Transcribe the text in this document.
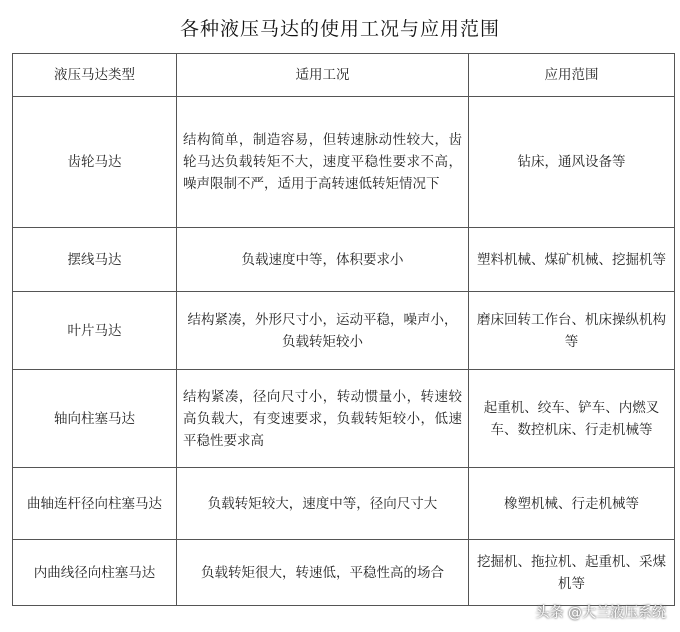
各种液压马达的使用工况与应用范围
液压马达类型	适用工况	应用范围
齿轮马达	结构简单，制造容易，但转速脉动性较大，齿轮马达负载转矩不大，速度平稳性要求不高，噪声限制不严，适用于高转速低转矩情况下	钻床，通风设备等
摆线马达	负载速度中等，体积要求小	塑料机械、煤矿机械、挖掘机等
叶片马达	结构紧凑，外形尺寸小，运动平稳，噪声小，负载转矩较小	磨床回转工作台、机床操纵机构等
轴向柱塞马达	结构紧凑，径向尺寸小，转动惯量小，转速较高负载大，有变速要求，负载转矩较小，低速平稳性要求高	起重机、绞车、铲车、内燃叉车、数控机床、行走机械等
曲轴连杆径向柱塞马达	负载转矩较大，速度中等，径向尺寸大	橡塑机械、行走机械等
内曲线径向柱塞马达	负载转矩很大，转速低，平稳性高的场合	挖掘机、拖拉机、起重机、采煤机等
头条 @大兰液压系统
